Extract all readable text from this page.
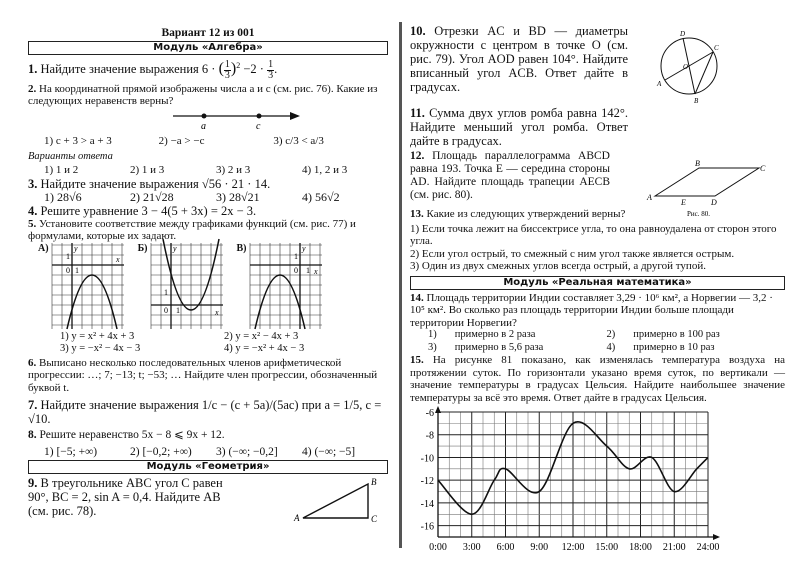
Вариант 12 из 001
Модуль «Алгебра»
1. Найдите значение выражения 6 · ( $\frac{1}{3} )^2 -2 \cdot \frac{1}{3}$ .
2. На координатной прямой изображены числа a и c (см. рис. 76). Какие из следующих неравенств верны?
a	c
1) c + 3 > a + 3	2) −a > −c	3) c/3 < a/3
Варианты ответа
1) 1 и 2	2) 1 и 3	3) 2 и 3	4) 1, 2 и 3
3. Найдите значение выражения √56 · 21 · 14.
1) 28√6	2) 21√28	3) 28√21	4) 56√2
4. Решите уравнение 3 − 4(5 + 3x) = 2x − 3.
5. Установите соответствие между графиками функций (см. рис. 77) и формулами, которые их задают.
А)	y
x
0 1
1
Б)	y
x
0 1
1
В)	y
x
0 1
1
1) y = x² + 4x + 3	2) y = x² − 4x + 3
3) y = −x² − 4x − 3	4) y = −x² + 4x − 3
6. Выписано несколько последовательных членов арифметической прогрессии: …; 7; −13; t; −53; … Найдите член прогрессии, обозначенный буквой t.
7. Найдите значение выражения 1/c − (c + 5a)/(5ac) при a = 1/5, c = √10.
8. Решите неравенство 5x − 8 ⩽ 9x + 12.
1) [−5; +∞)	2) [−0,2; +∞)	3) (−∞; −0,2]	4) (−∞; −5]
Модуль «Геометрия»
9. В треугольнике ABC угол C равен 90°, BC = 2, sin A = 0,4. Найдите AB (см. рис. 78).	A
B
C
10. Отрезки AC и BD — диаметры окружности с центром в точке O (см. рис. 79). Угол AOD равен 104°. Найдите вписанный угол ACB. Ответ дайте в градусах.	A
B
C
D
O
11. Сумма двух углов ромба равна 142°. Найдите меньший угол ромба. Ответ дайте в градусах.
12. Площадь параллелограмма ABCD равна 193. Точка E — середина стороны AD. Найдите площадь трапеции AECB (см. рис. 80).	A
B
C
D
E
Рис. 80.
13. Какие из следующих утверждений верны?
1) Если точка лежит на биссектрисе угла, то она равноудалена от сторон этого угла.
2) Если угол острый, то смежный с ним угол также является острым.
3) Один из двух смежных углов всегда острый, а другой тупой.
Модуль «Реальная математика»
14. Площадь территории Индии составляет 3,29 · 10⁶ км², а Норвегии — 3,2 · 10⁵ км². Во сколько раз площадь территории Индии больше площади территории Норвегии?
1) примерно в 2 раза	2) примерно в 100 раз
3) примерно в 5,6 раза	4) примерно в 10 раз
15. На рисунке 81 показано, как изменялась температура воздуха на протяжении суток. По горизонтали указано время суток, по вертикали — значение температуры в градусах Цельсия. Найдите наибольшее значение температуры за всё это время. Ответ дайте в градусах Цельсия.
-6
-8
-10
-12
-14
-16
0:00 3:00 6:00 9:00 12:00 15:00 18:00 21:00 24:00
